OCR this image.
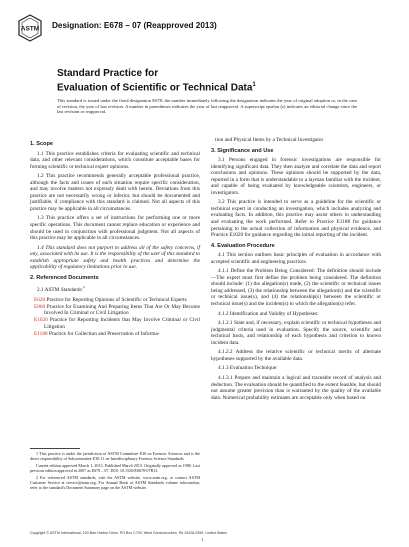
ASTM Designation: E678 – 07 (Reapproved 2013)
Standard Practice for
Evaluation of Scientific or Technical Data$^1$
This standard is issued under the fixed designation E678; the number immediately following the designation indicates the year of original adoption or, in the case of revision, the year of last revision. A number in parentheses indicates the year of last reapproval. A superscript epsilon (ε) indicates an editorial change since the last revision or reapproval.
1. Scope

1.1 This practice establishes criteria for evaluating scientific and technical data, and other relevant considerations, which constitute acceptable bases for forming scientific or technical expert opinions.

1.2 This practice recommends generally acceptable professional practice, although the facts and issues of each situation require specific consideration, and may involve matters not expressly dealt with herein. Deviations from this practice are not necessarily wrong or inferior, but should be documented and justifiable, if compliance with this standard is claimed. Not all aspects of this practice may be applicable in all circumstances.

1.3 This practice offers a set of instructions for performing one or more specific operations. This document cannot replace education or experience and should be used in conjunction with professional judgment. Not all aspects of this practice may be applicable in all circumstances.

1.4 This standard does not purport to address all of the safety concerns, if any, associated with its use. It is the responsibility of the user of this standard to establish appropriate safety and health practices and determine the applicability of regulatory limitations prior to use.

2. Referenced Documents

2.1 ASTM Standards:$^2$

E620 Practice for Reporting Opinions of Scientific or Technical Experts
E860 Practice for Examining And Preparing Items That Are Or May Become Involved In Criminal or Civil Litigation
E1020 Practice for Reporting Incidents that May Involve Criminal or Civil Litigation
E1188 Practice for Collection and Preservation of Informa-

tion and Physical Items by a Technical Investigator

3. Significance and Use

3.1 Persons engaged in forensic investigations are responsible for identifying significant data. They then analyze and correlate the data and report conclusions and opinions. These opinions should be supported by the data, reported in a form that is understandable to a layman familiar with the incident, and capable of being evaluated by knowledgeable scientists, engineers, or investigators.

3.2 This practice is intended to serve as a guideline for the scientific or technical expert in conducting an investigation, which includes analyzing and evaluating facts. In addition, this practice may assist others in understanding and evaluating the work performed. Refer to Practice E1188 for guidance pertaining to the actual collection of information and physical evidence, and Practice E1020 for guidance regarding the initial reporting of the incident.

4. Evaluation Procedure

4.1 This section outlines basic principles of evaluation in accordance with accepted scientific and engineering practices.

4.1.1 Define the Problem Being Considered: The definition should include—The expert must first define the problem being considered. The definition should include: (1) the allegation(s) made, (2) the scientific or technical issues being addressed, (3) the relationship between the allegation(s) and the scientific or technical issue(s), and (4) the relationship(s) between the scientific or technical issue(s) and the incident(s) to which the allegation(s) refer.

4.1.2 Identification and Validity of Hypotheses:

4.1.2.1 State and, if necessary, explain scientific or technical hypotheses and judgmental criteria used in evaluation. Specify the source, scientific and technical basis, and relationship of each hypothesis and criterion to known incident data.

4.1.2.2 Address the relative scientific or technical merits of alternate hypotheses supported by the available data.

4.1.3 Evaluation Technique:

4.1.3.1 Prepare and maintain a logical and traceable record of analysis and deduction. The evaluation should be quantified to the extent feasible, but should not assume greater precision than is warranted by the quality of the available data. Numerical probability estimates are acceptable only when based on

1 This practice is under the jurisdiction of ASTM Committee E30 on Forensic Sciences and is the direct responsibility of Subcommittee E30.11 on Interdisciplinary Forensic Science Standards.

Current edition approved March 1, 2013. Published March 2013. Originally approved in 1980. Last previous edition approved in 2007 as E678 – 07. DOI: 10.1520/E0678-07R13.

2 For referenced ASTM standards, visit the ASTM website, www.astm.org, or contact ASTM Customer Service at service@astm.org. For Annual Book of ASTM Standards volume information, refer to the standard's Document Summary page on the ASTM website.

Copyright © ASTM International, 100 Barr Harbor Drive, PO Box C700, West Conshohocken, PA 19428-2959. United States
1
